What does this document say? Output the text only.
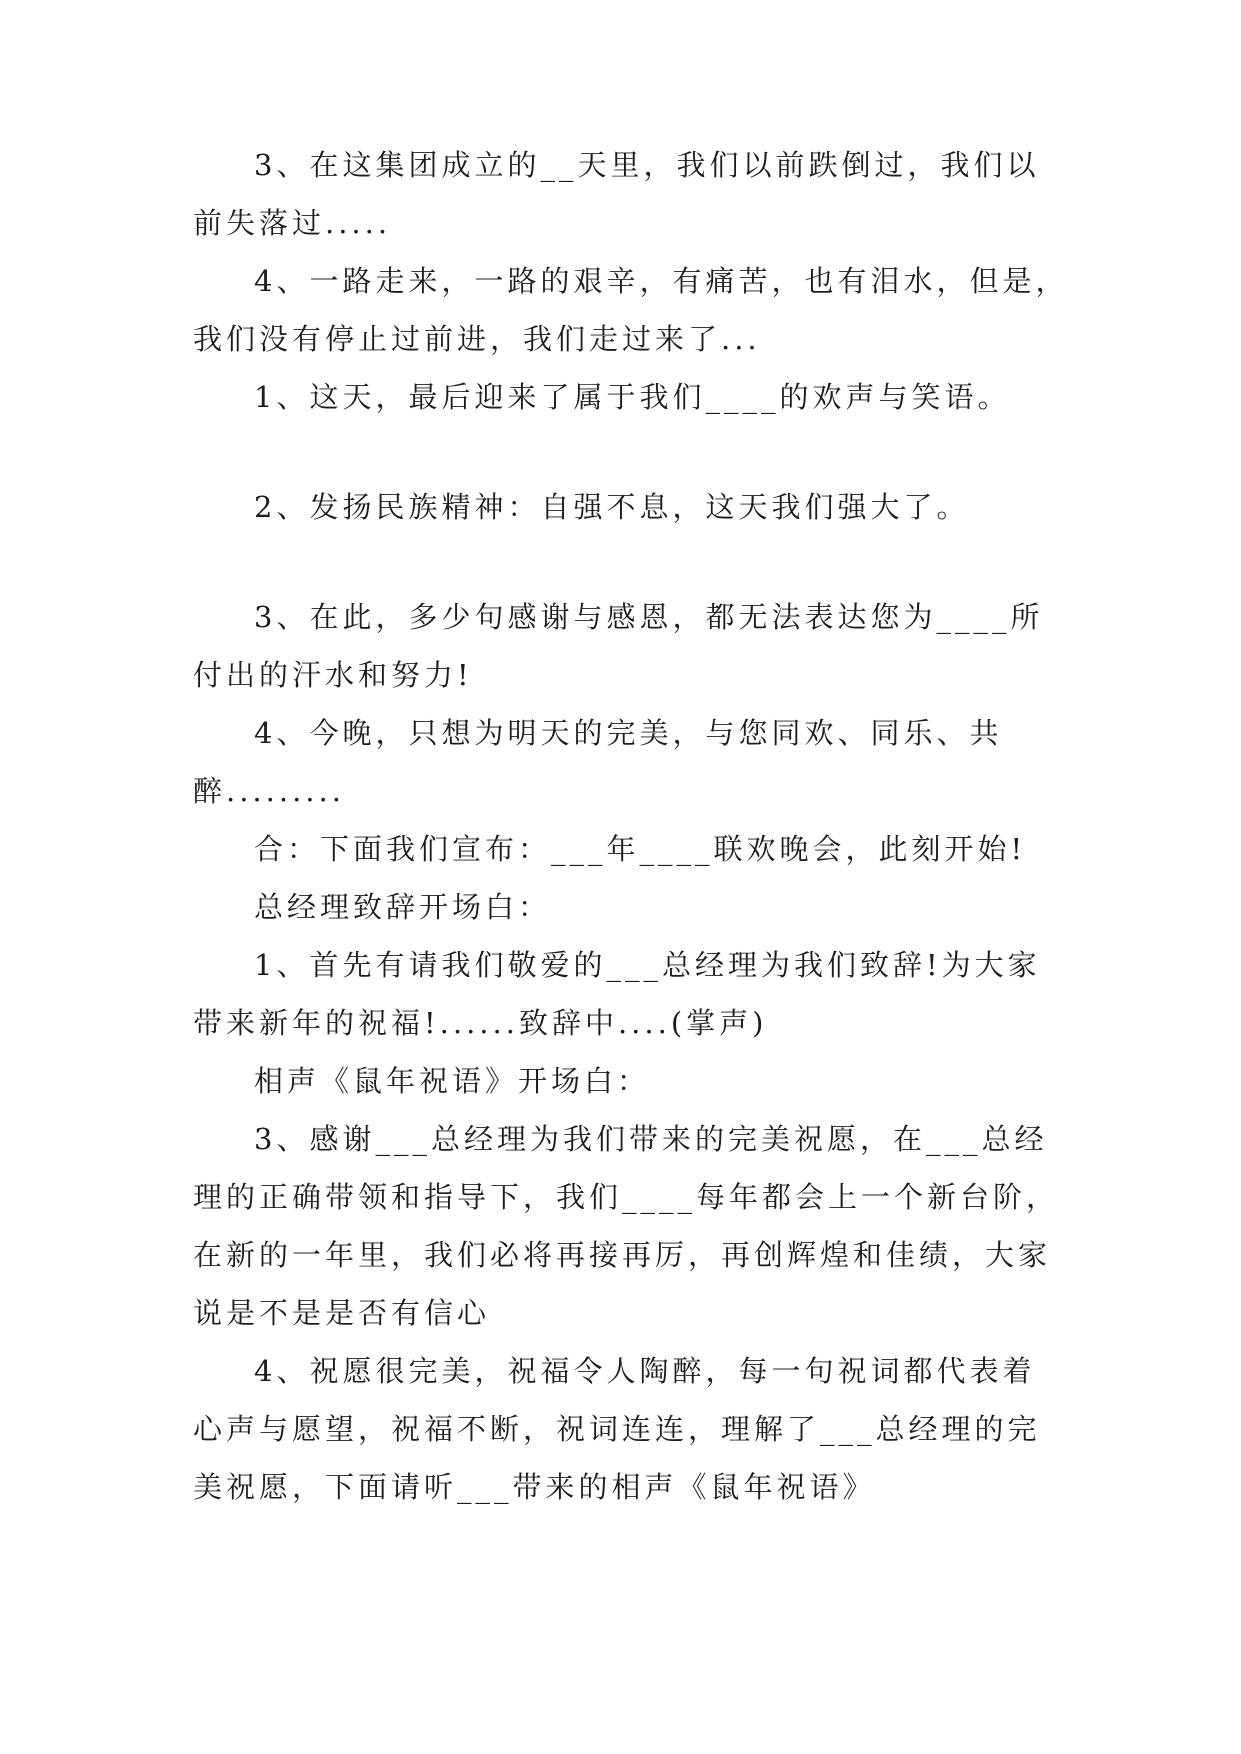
3、在这集团成立的__天里，我们以前跌倒过，我们以
前失落过.....
4、一路走来，一路的艰辛，有痛苦，也有泪水，但是，
我们没有停止过前进，我们走过来了...
1、这天，最后迎来了属于我们____的欢声与笑语。
2、发扬民族精神：自强不息，这天我们强大了。
3、在此，多少句感谢与感恩，都无法表达您为____所
付出的汗水和努力!
4、今晚，只想为明天的完美，与您同欢、同乐、共
醉.........
合：下面我们宣布：___年____联欢晚会，此刻开始!
总经理致辞开场白：
1、首先有请我们敬爱的___总经理为我们致辞!为大家
带来新年的祝福!......致辞中....(掌声)
相声《鼠年祝语》开场白：
3、感谢___总经理为我们带来的完美祝愿，在___总经
理的正确带领和指导下，我们____每年都会上一个新台阶，
在新的一年里，我们必将再接再厉，再创辉煌和佳绩，大家
说是不是是否有信心
4、祝愿很完美，祝福令人陶醉，每一句祝词都代表着
心声与愿望，祝福不断，祝词连连，理解了___总经理的完
美祝愿，下面请听___带来的相声《鼠年祝语》
